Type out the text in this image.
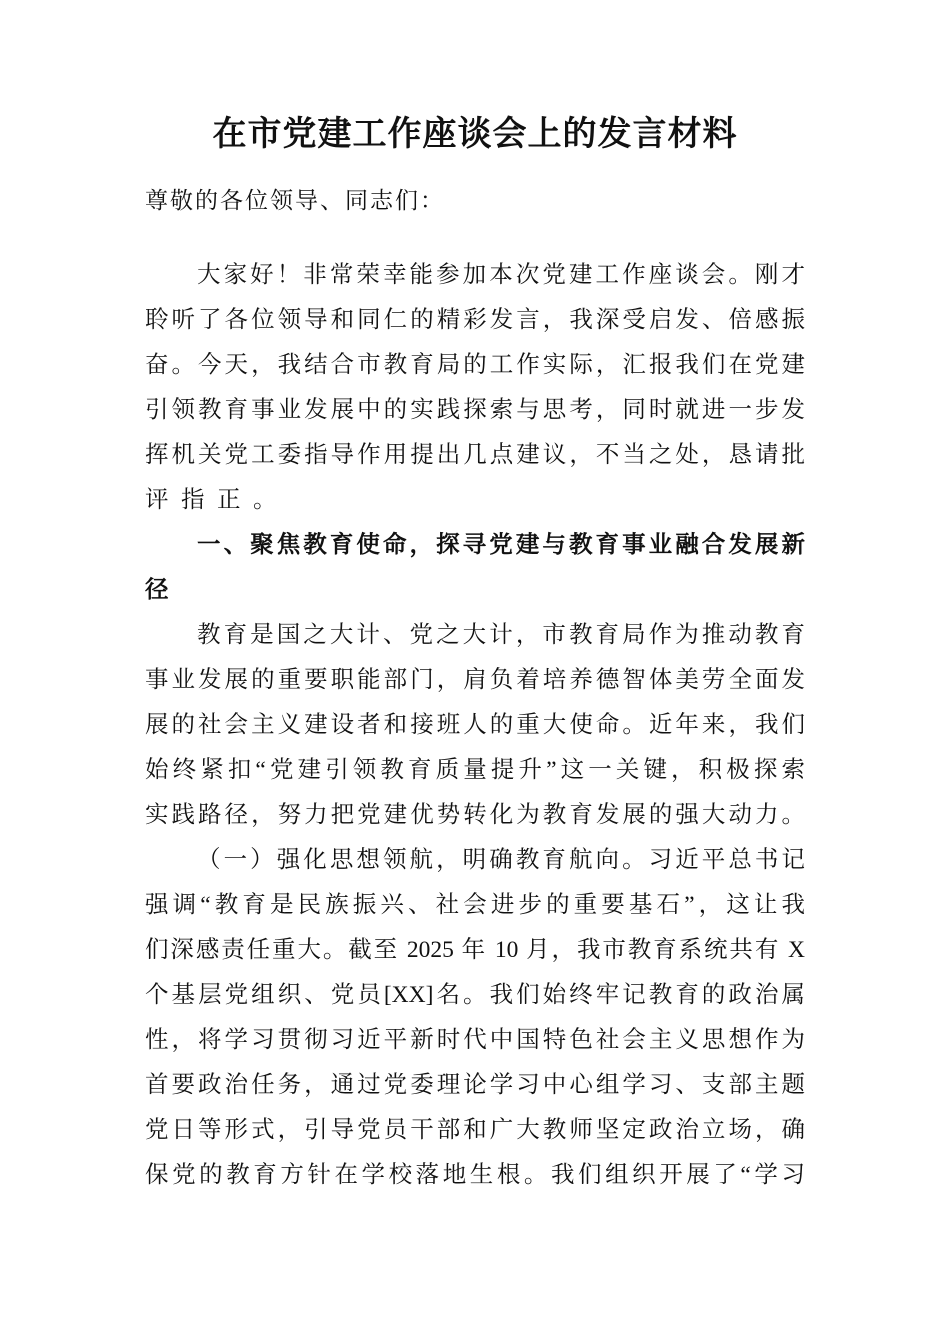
在市党建工作座谈会上的发言材料
尊敬的各位领导、同志们：
大家好！非常荣幸能参加本次党建工作座谈会。刚才
聆听了各位领导和同仁的精彩发言，我深受启发、倍感振
奋。今天，我结合市教育局的工作实际，汇报我们在党建
引领教育事业发展中的实践探索与思考，同时就进一步发
挥机关党工委指导作用提出几点建议，不当之处，恳请批
评指正。
一、聚焦教育使命，探寻党建与教育事业融合发展新
径
教育是国之大计、党之大计，市教育局作为推动教育
事业发展的重要职能部门，肩负着培养德智体美劳全面发
展的社会主义建设者和接班人的重大使命。近年来，我们
始终紧扣“党建引领教育质量提升”这一关键，积极探索
实践路径，努力把党建优势转化为教育发展的强大动力。
（一）强化思想领航，明确教育航向。习近平总书记
强调“教育是民族振兴、社会进步的重要基石”，这让我
们深感责任重大。截至 2025 年 10 月，我市教育系统共有 X
个基层党组织、党员[XX]名。我们始终牢记教育的政治属
性，将学习贯彻习近平新时代中国特色社会主义思想作为
首要政治任务，通过党委理论学习中心组学习、支部主题
党日等形式，引导党员干部和广大教师坚定政治立场，确
保党的教育方针在学校落地生根。我们组织开展了“学习
